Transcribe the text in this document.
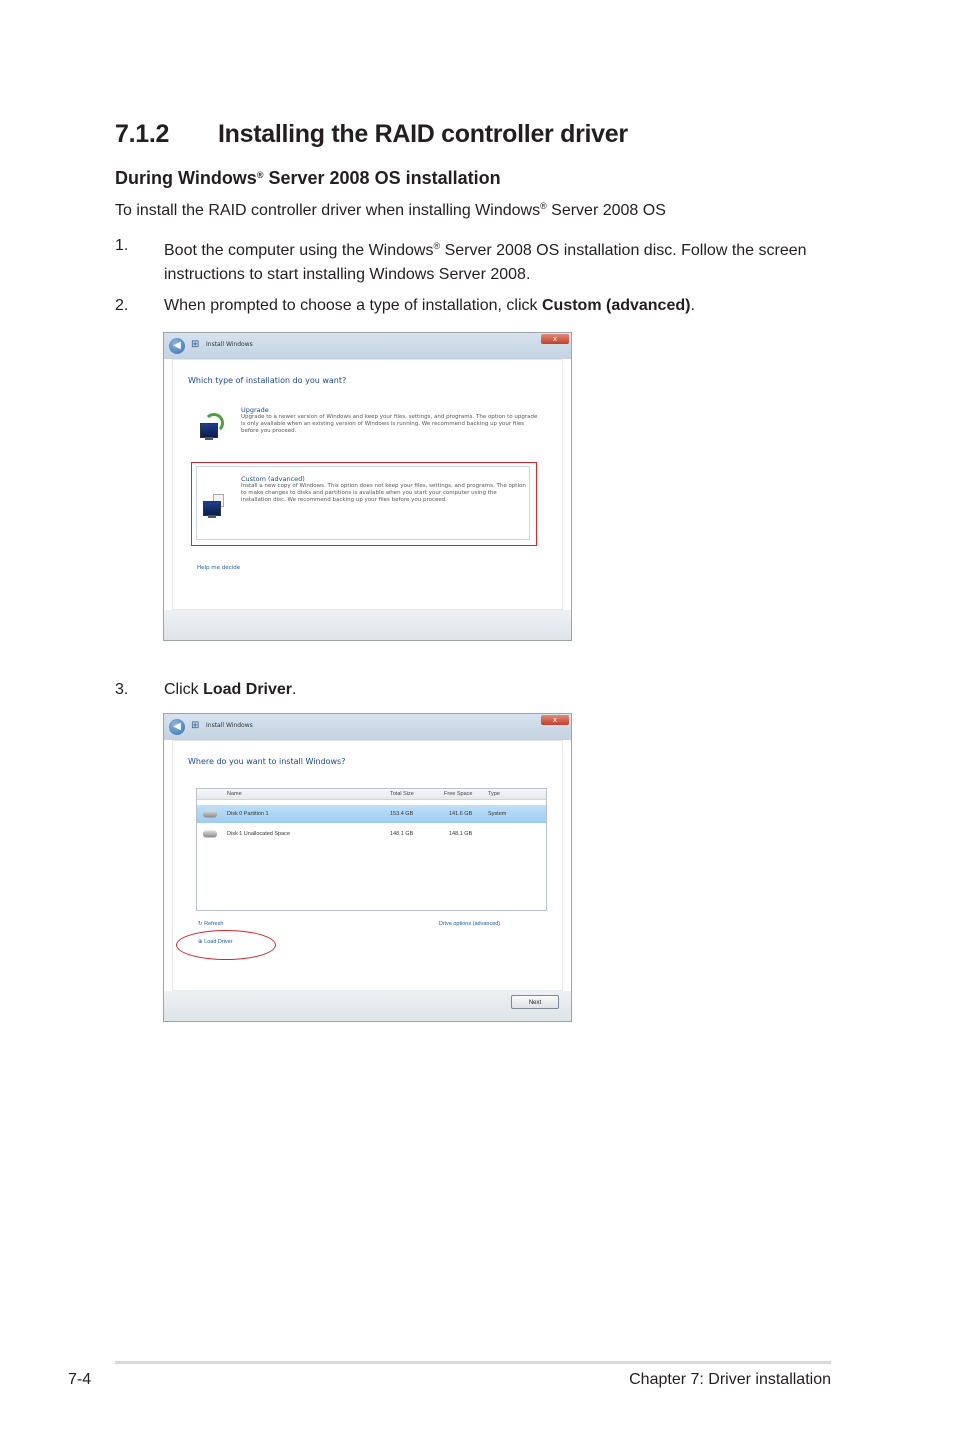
7.1.2 Installing the RAID controller driver
During Windows® Server 2008 OS installation
To install the RAID controller driver when installing Windows® Server 2008 OS
1.	Boot the computer using the Windows® Server 2008 OS installation disc. Follow the screen instructions to start installing Windows Server 2008.
2.	When prompted to choose a type of installation, click Custom (advanced).
◀	⊞ Install Windows
x
Which type of installation do you want?
Upgrade
Upgrade to a newer version of Windows and keep your files, settings, and programs. The option to upgrade is only available when an existing version of Windows is running. We recommend backing up your files before you proceed.
Custom (advanced)
Install a new copy of Windows. This option does not keep your files, settings, and programs. The option to make changes to disks and partitions is available when you start your computer using the installation disc. We recommend backing up your files before you proceed.
Help me decide
3.	Click Load Driver.
◀	⊞ Install Windows
x
Where do you want to install Windows?
Name	Total Size	Free Space	Type
Disk 0 Partition 1	153.4 GB	141.6 GB	System
Disk 1 Unallocated Space	148.1 GB	148.1 GB
↻ Refresh
⊕ Load Driver
Drive options (advanced)
Next
7-4	Chapter 7: Driver installation
